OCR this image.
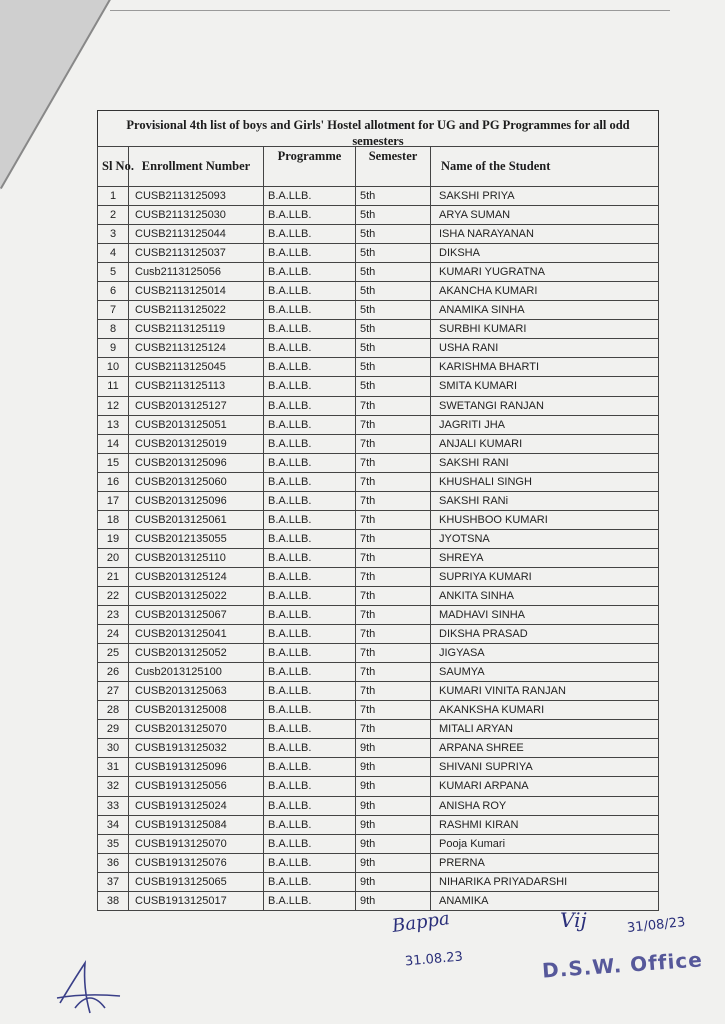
Provisional 4th list of boys and Girls' Hostel allotment for UG and PG Programmes for all odd semesters
Sl No.	Enrollment Number	Programme	Semester	Name of the Student
1	CUSB2113125093	B.A.LLB.	5th	SAKSHI PRIYA
2	CUSB2113125030	B.A.LLB.	5th	ARYA SUMAN
3	CUSB2113125044	B.A.LLB.	5th	ISHA NARAYANAN
4	CUSB2113125037	B.A.LLB.	5th	DIKSHA
5	Cusb2113125056	B.A.LLB.	5th	KUMARI YUGRATNA
6	CUSB2113125014	B.A.LLB.	5th	AKANCHA KUMARI
7	CUSB2113125022	B.A.LLB.	5th	ANAMIKA SINHA
8	CUSB2113125119	B.A.LLB.	5th	SURBHI KUMARI
9	CUSB2113125124	B.A.LLB.	5th	USHA RANI
10	CUSB2113125045	B.A.LLB.	5th	KARISHMA BHARTI
11	CUSB2113125113	B.A.LLB.	5th	SMITA KUMARI
12	CUSB2013125127	B.A.LLB.	7th	SWETANGI RANJAN
13	CUSB2013125051	B.A.LLB.	7th	JAGRITI JHA
14	CUSB2013125019	B.A.LLB.	7th	ANJALI KUMARI
15	CUSB2013125096	B.A.LLB.	7th	SAKSHI RANI
16	CUSB2013125060	B.A.LLB.	7th	KHUSHALI SINGH
17	CUSB2013125096	B.A.LLB.	7th	SAKSHI RANi
18	CUSB2013125061	B.A.LLB.	7th	KHUSHBOO KUMARI
19	CUSB2012135055	B.A.LLB.	7th	JYOTSNA
20	CUSB2013125110	B.A.LLB.	7th	SHREYA
21	CUSB2013125124	B.A.LLB.	7th	SUPRIYA KUMARI
22	CUSB2013125022	B.A.LLB.	7th	ANKITA SINHA
23	CUSB2013125067	B.A.LLB.	7th	MADHAVI SINHA
24	CUSB2013125041	B.A.LLB.	7th	DIKSHA PRASAD
25	CUSB2013125052	B.A.LLB.	7th	JIGYASA
26	Cusb2013125100	B.A.LLB.	7th	SAUMYA
27	CUSB2013125063	B.A.LLB.	7th	KUMARI VINITA RANJAN
28	CUSB2013125008	B.A.LLB.	7th	AKANKSHA KUMARI
29	CUSB2013125070	B.A.LLB.	7th	MITALI ARYAN
30	CUSB1913125032	B.A.LLB.	9th	ARPANA SHREE
31	CUSB1913125096	B.A.LLB.	9th	SHIVANI SUPRIYA
32	CUSB1913125056	B.A.LLB.	9th	KUMARI ARPANA
33	CUSB1913125024	B.A.LLB.	9th	ANISHA ROY
34	CUSB1913125084	B.A.LLB.	9th	RASHMI KIRAN
35	CUSB1913125070	B.A.LLB.	9th	Pooja Kumari
36	CUSB1913125076	B.A.LLB.	9th	PRERNA
37	CUSB1913125065	B.A.LLB.	9th	NIHARIKA PRIYADARSHI
38	CUSB1913125017	B.A.LLB.	9th	ANAMIKA
Bappa
31.08.23
Vij	31/08/23
D.S.W. Office
